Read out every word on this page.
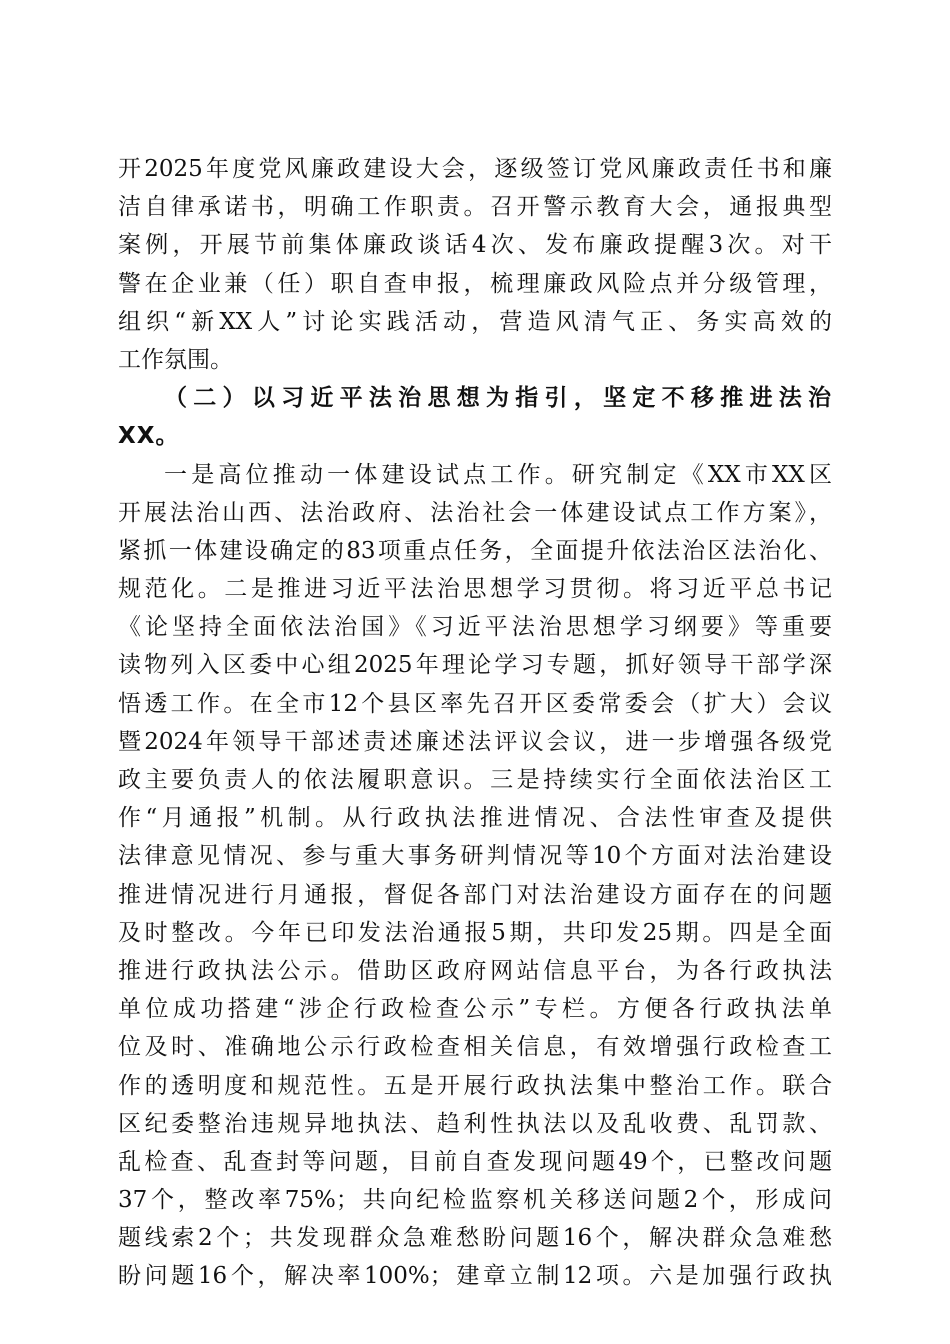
开2025年度党风廉政建设大会，逐级签订党风廉政责任书和廉
洁自律承诺书，明确工作职责。召开警示教育大会，通报典型
案例，开展节前集体廉政谈话4次、发布廉政提醒3次。对干
警在企业兼（任）职自查申报，梳理廉政风险点并分级管理，
组织“新XX人”讨论实践活动，营造风清气正、务实高效的
工作氛围。
（二）以习近平法治思想为指引，坚定不移推进法治
XX。
一是高位推动一体建设试点工作。研究制定《XX市XX区
开展法治山西、法治政府、法治社会一体建设试点工作方案》，
紧抓一体建设确定的83项重点任务，全面提升依法治区法治化、
规范化。二是推进习近平法治思想学习贯彻。将习近平总书记
《论坚持全面依法治国》《习近平法治思想学习纲要》等重要
读物列入区委中心组2025年理论学习专题，抓好领导干部学深
悟透工作。在全市12个县区率先召开区委常委会（扩大）会议
暨2024年领导干部述责述廉述法评议会议，进一步增强各级党
政主要负责人的依法履职意识。三是持续实行全面依法治区工
作“月通报”机制。从行政执法推进情况、合法性审查及提供
法律意见情况、参与重大事务研判情况等10个方面对法治建设
推进情况进行月通报，督促各部门对法治建设方面存在的问题
及时整改。今年已印发法治通报5期，共印发25期。四是全面
推进行政执法公示。借助区政府网站信息平台，为各行政执法
单位成功搭建“涉企行政检查公示”专栏。方便各行政执法单
位及时、准确地公示行政检查相关信息，有效增强行政检查工
作的透明度和规范性。五是开展行政执法集中整治工作。联合
区纪委整治违规异地执法、趋利性执法以及乱收费、乱罚款、
乱检查、乱查封等问题，目前自查发现问题49个，已整改问题
37个，整改率75%；共向纪检监察机关移送问题2个，形成问
题线索2个；共发现群众急难愁盼问题16个，解决群众急难愁
盼问题16个，解决率100%；建章立制12项。六是加强行政执
